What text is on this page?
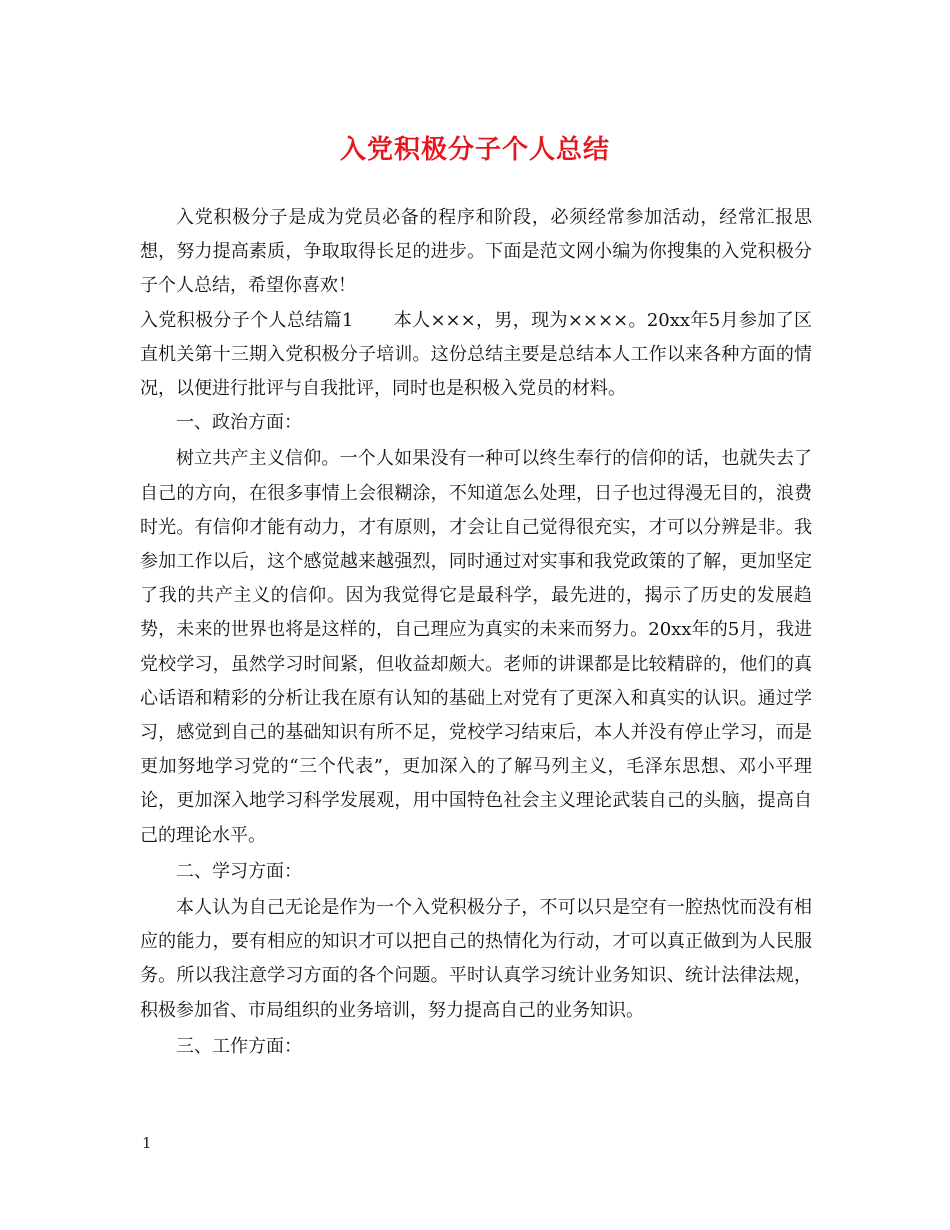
入党积极分子个人总结

入党积极分子是成为党员必备的程序和阶段，必须经常参加活动，经常汇报思想，努力提高素质，争取取得长足的进步。下面是范文网小编为你搜集的入党积极分子个人总结，希望你喜欢！

入党积极分子个人总结篇1 本人×××，男，现为××××。20xx年5月参加了区直机关第十三期入党积极分子培训。这份总结主要是总结本人工作以来各种方面的情况，以便进行批评与自我批评，同时也是积极入党员的材料。

一、政治方面：

树立共产主义信仰。一个人如果没有一种可以终生奉行的信仰的话，也就失去了自己的方向，在很多事情上会很糊涂，不知道怎么处理，日子也过得漫无目的，浪费时光。有信仰才能有动力，才有原则，才会让自己觉得很充实，才可以分辨是非。我参加工作以后，这个感觉越来越强烈，同时通过对实事和我党政策的了解，更加坚定了我的共产主义的信仰。因为我觉得它是最科学，最先进的，揭示了历史的发展趋势，未来的世界也将是这样的，自己理应为真实的未来而努力。20xx年的5月，我进党校学习，虽然学习时间紧，但收益却颇大。老师的讲课都是比较精辟的，他们的真心话语和精彩的分析让我在原有认知的基础上对党有了更深入和真实的认识。通过学习，感觉到自己的基础知识有所不足，党校学习结束后，本人并没有停止学习，而是更加努地学习党的“三个代表”，更加深入的了解马列主义，毛泽东思想、邓小平理论，更加深入地学习科学发展观，用中国特色社会主义理论武装自己的头脑，提高自己的理论水平。

二、学习方面：

本人认为自己无论是作为一个入党积极分子，不可以只是空有一腔热忱而没有相应的能力，要有相应的知识才可以把自己的热情化为行动，才可以真正做到为人民服务。所以我注意学习方面的各个问题。平时认真学习统计业务知识、统计法律法规，积极参加省、市局组织的业务培训，努力提高自己的业务知识。

三、工作方面：

1
